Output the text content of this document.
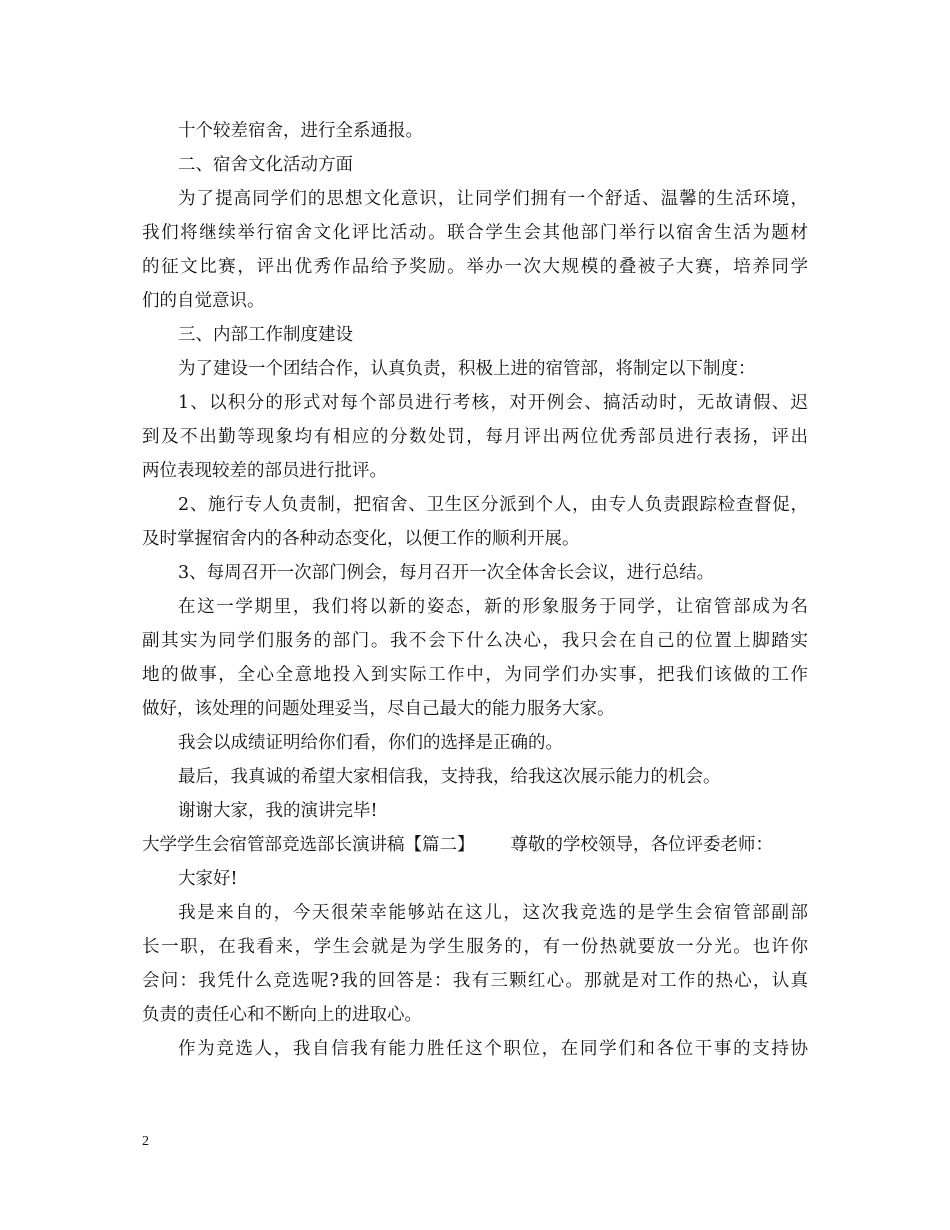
十个较差宿舍，进行全系通报。
二、宿舍文化活动方面
为了提高同学们的思想文化意识，让同学们拥有一个舒适、温馨的生活环境，
我们将继续举行宿舍文化评比活动。联合学生会其他部门举行以宿舍生活为题材
的征文比赛，评出优秀作品给予奖励。举办一次大规模的叠被子大赛，培养同学
们的自觉意识。
三、内部工作制度建设
为了建设一个团结合作，认真负责，积极上进的宿管部，将制定以下制度：
1、以积分的形式对每个部员进行考核，对开例会、搞活动时，无故请假、迟
到及不出勤等现象均有相应的分数处罚，每月评出两位优秀部员进行表扬，评出
两位表现较差的部员进行批评。
2、施行专人负责制，把宿舍、卫生区分派到个人，由专人负责跟踪检查督促，
及时掌握宿舍内的各种动态变化，以便工作的顺利开展。
3、每周召开一次部门例会，每月召开一次全体舍长会议，进行总结。
在这一学期里，我们将以新的姿态，新的形象服务于同学，让宿管部成为名
副其实为同学们服务的部门。我不会下什么决心，我只会在自己的位置上脚踏实
地的做事，全心全意地投入到实际工作中，为同学们办实事，把我们该做的工作
做好，该处理的问题处理妥当，尽自己最大的能力服务大家。
我会以成绩证明给你们看，你们的选择是正确的。
最后，我真诚的希望大家相信我，支持我，给我这次展示能力的机会。
谢谢大家，我的演讲完毕!
大学学生会宿管部竞选部长演讲稿【篇二】 尊敬的学校领导，各位评委老师：
大家好!
我是来自的，今天很荣幸能够站在这儿，这次我竞选的是学生会宿管部副部
长一职，在我看来，学生会就是为学生服务的，有一份热就要放一分光。也许你
会问：我凭什么竞选呢?我的回答是：我有三颗红心。那就是对工作的热心，认真
负责的责任心和不断向上的进取心。
作为竞选人，我自信我有能力胜任这个职位，在同学们和各位干事的支持协
2
